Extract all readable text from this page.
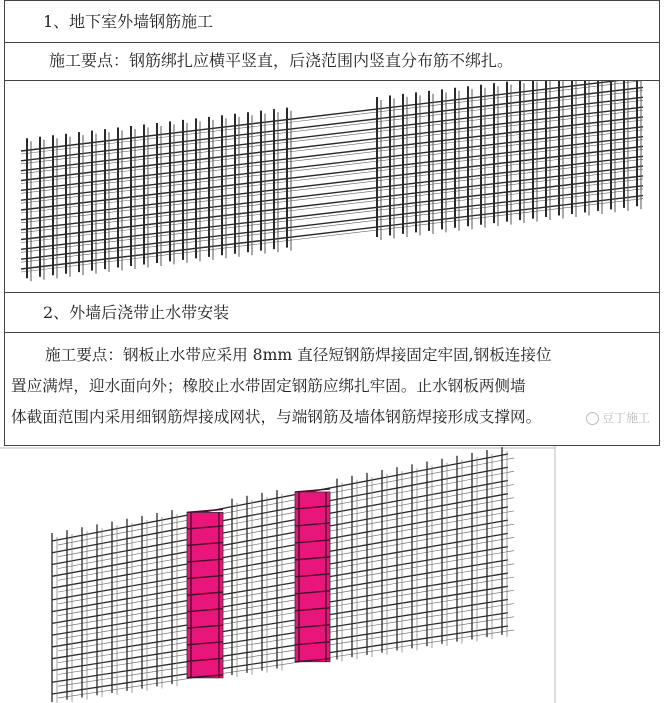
1、地下室外墙钢筋施工
施工要点：钢筋绑扎应横平竖直，后浇范围内竖直分布筋不绑扎。
2、外墙后浇带止水带安装
施工要点：钢板止水带应采用 8mm 直径短钢筋焊接固定牢固,钢板连接位
置应满焊，迎水面向外；橡胶止水带固定钢筋应绑扎牢固。止水钢板两侧墙
体截面范围内采用细钢筋焊接成网状，与端钢筋及墙体钢筋焊接形成支撑网。	豆丁施工
